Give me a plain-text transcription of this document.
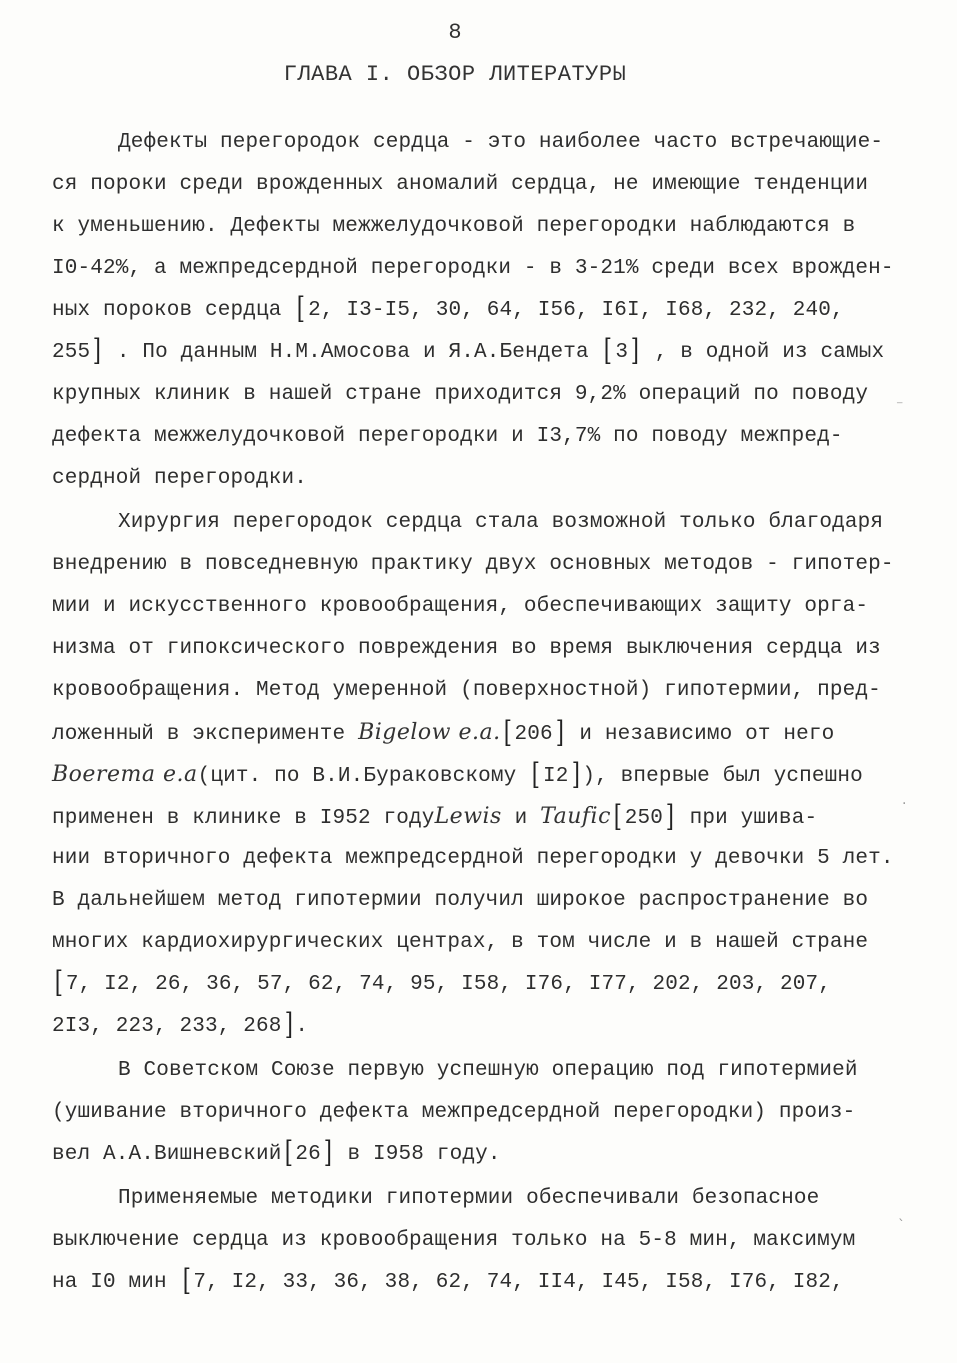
8
ГЛАВА I. ОБЗОР ЛИТЕРАТУРЫ
Дефекты перегородок сердца - это наиболее часто встречающие-
ся пороки среди врожденных аномалий сердца, не имеющие тенденции
к уменьшению. Дефекты межжелудочковой перегородки наблюдаются в
I0-42%, а межпредсердной перегородки - в 3-21% среди всех врожден-
ных пороков сердца [ 2, I3-I5, 30, 64, I56, I6I, I68, 232, 240,
255] . По данным Н.М.Амосова и Я.А.Бендета [ 3] , в одной из самых
крупных клиник в нашей стране приходится 9,2% операций по поводу
дефекта межжелудочковой перегородки и I3,7% по поводу межпред-
сердной перегородки.
Хирургия перегородок сердца стала возможной только благодаря
внедрению в повседневную практику двух основных методов - гипотер-
мии и искусственного кровообращения, обеспечивающих защиту орга-
низма от гипоксического повреждения во время выключения сердца из
кровообращения. Метод умеренной (поверхностной) гипотермии, пред-
ложенный в эксперименте Bigelow e.a.[ 206] и независимо от него
Boerema e.a(цит. по В.И.Бураковскому [ I2] ), впервые был успешно
применен в клинике в I952 годуLewis и Taufic[ 250] при ушива-
нии вторичного дефекта межпредсердной перегородки у девочки 5 лет.
В дальнейшем метод гипотермии получил широкое распространение во
многих кардиохирургических центрах, в том числе и в нашей стране
[ 7, I2, 26, 36, 57, 62, 74, 95, I58, I76, I77, 202, 203, 207,
2I3, 223, 233, 268] .
В Советском Союзе первую успешную операцию под гипотермией
(ушивание вторичного дефекта межпредсердной перегородки) произ-
вел А.А.Вишневский[ 26] в I958 году.
Применяемые методики гипотермии обеспечивали безопасное
выключение сердца из кровообращения только на 5-8 мин, максимум
на I0 мин [ 7, I2, 33, 36, 38, 62, 74, II4, I45, I58, I76, I82,
⁻
·
ˋ
